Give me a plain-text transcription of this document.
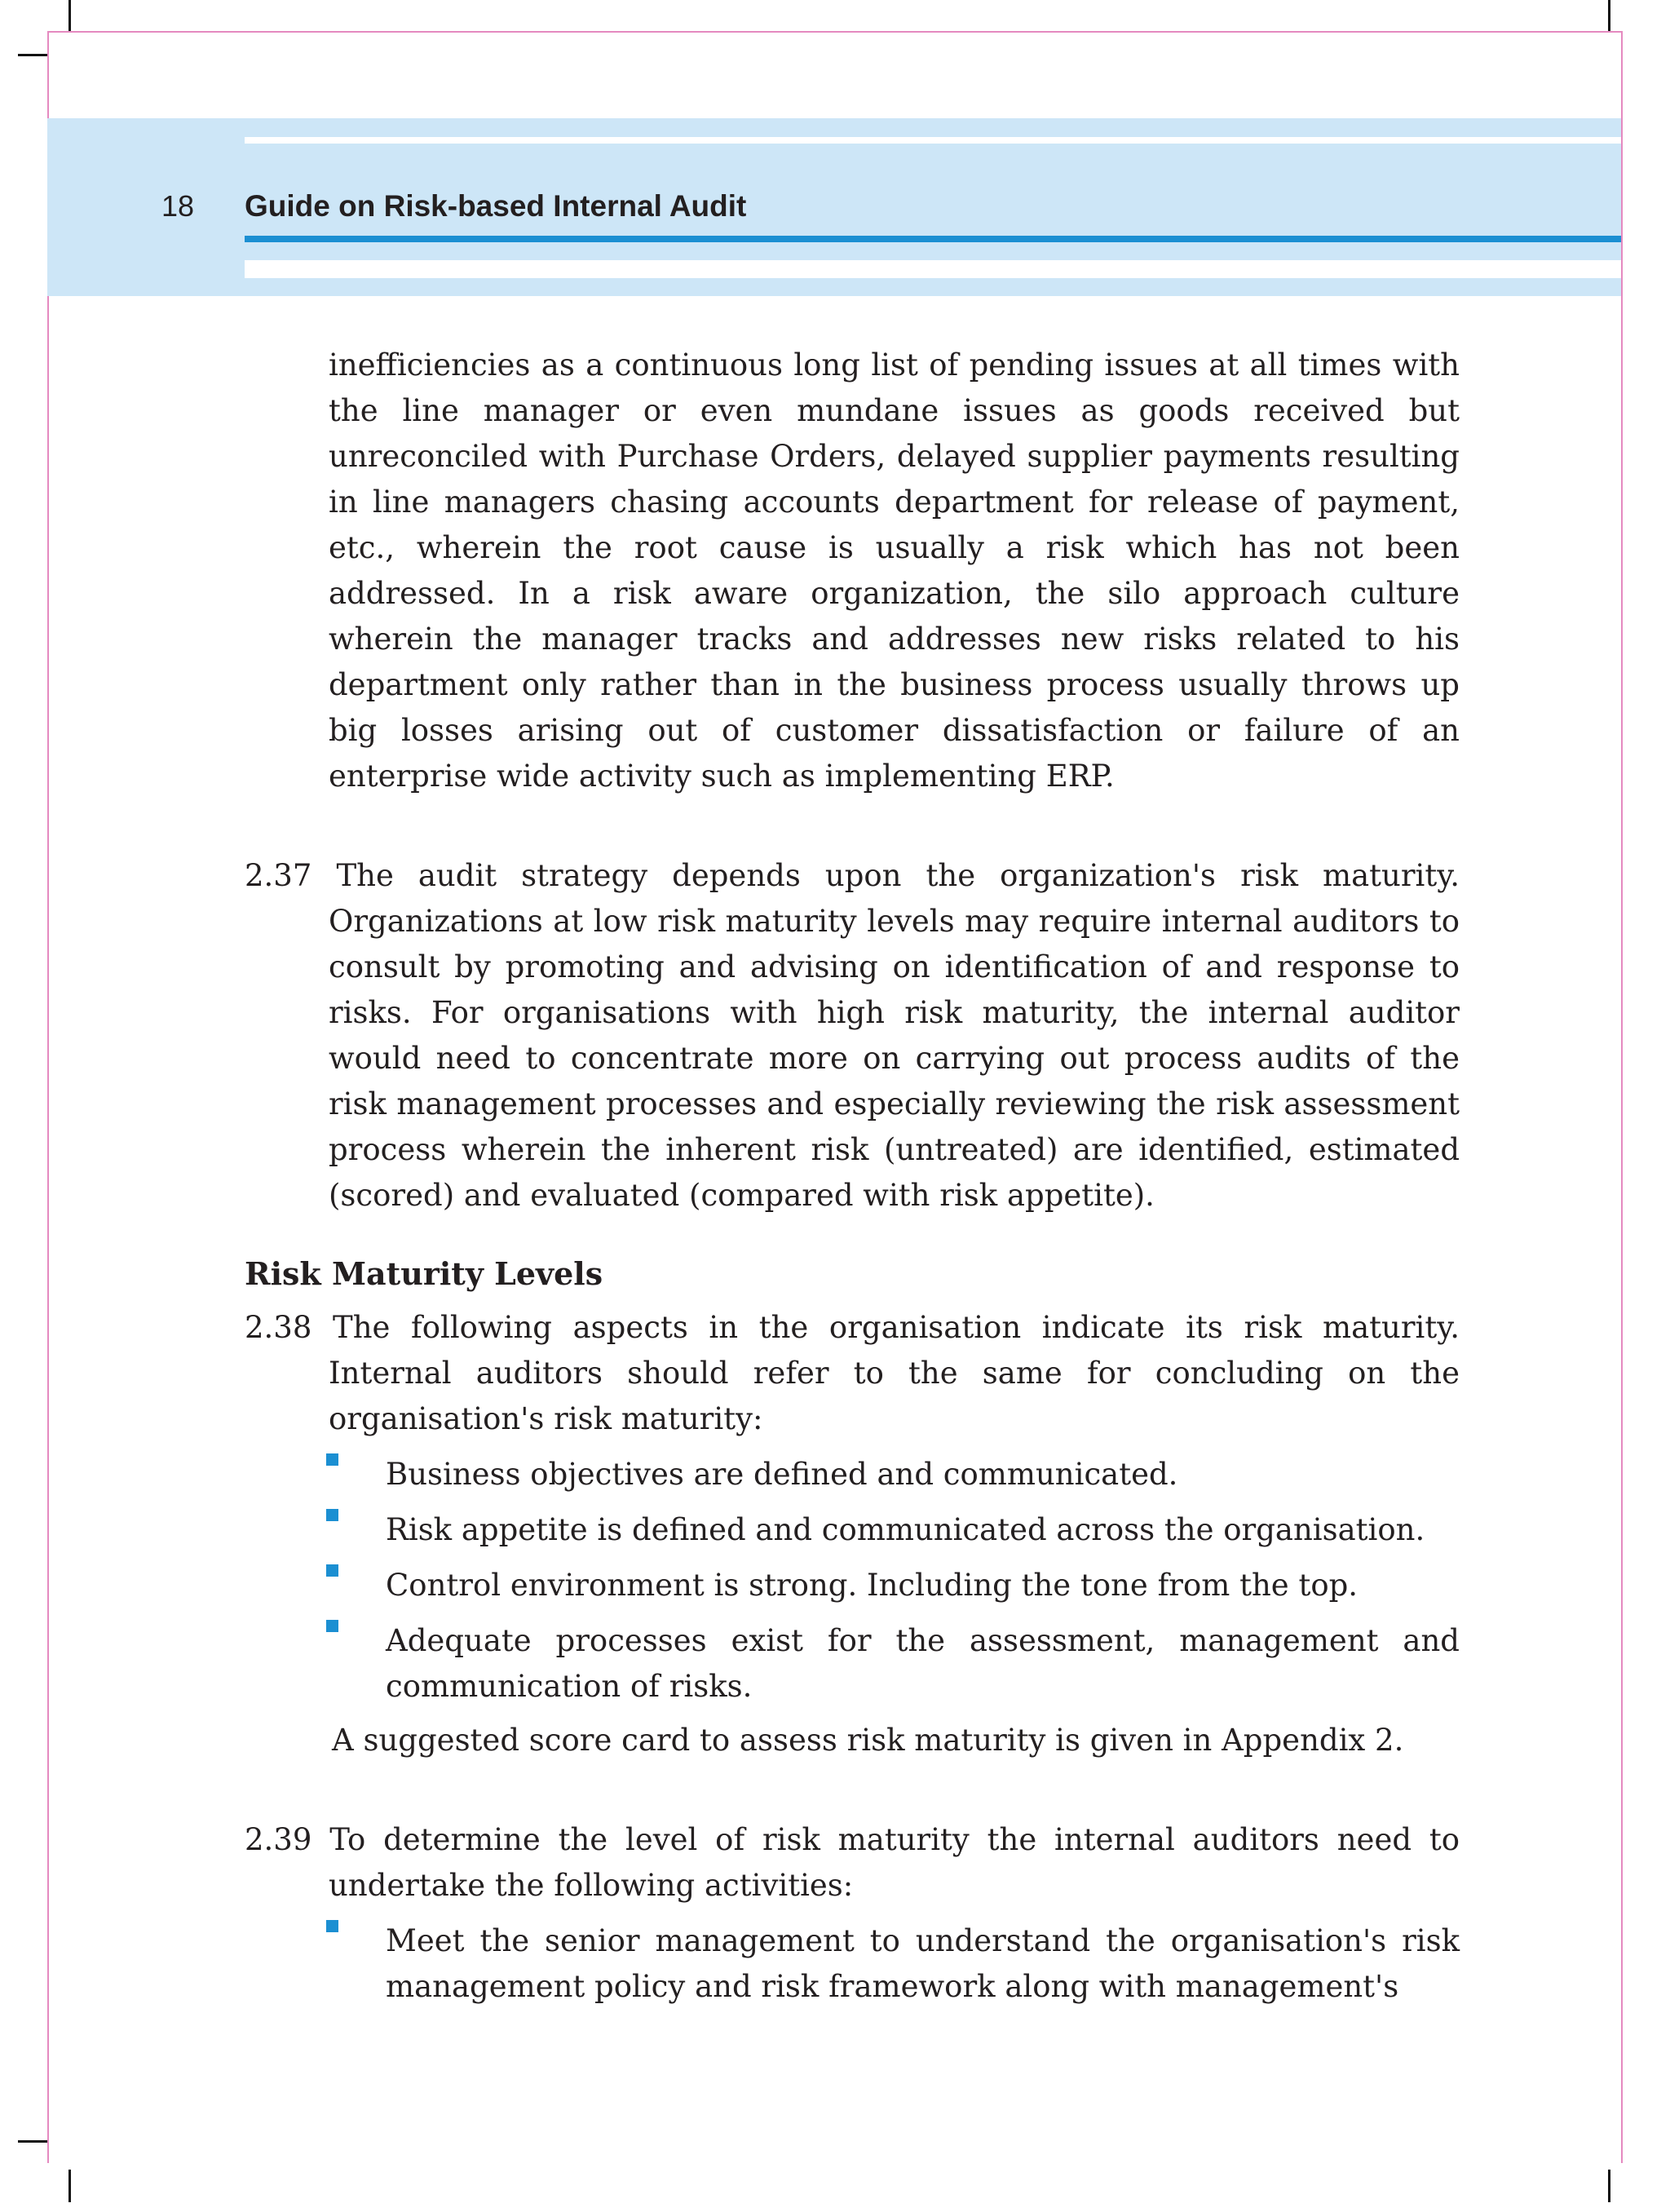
18 Guide on Risk-based Internal Audit

inefficiencies as a continuous long list of pending issues at all times with the line manager or even mundane issues as goods received but unreconciled with Purchase Orders, delayed supplier payments resulting in line managers chasing accounts department for release of payment, etc., wherein the root cause is usually a risk which has not been addressed. In a risk aware organization, the silo approach culture wherein the manager tracks and addresses new risks related to his department only rather than in the business process usually throws up big losses arising out of customer dissatisfaction or failure of an enterprise wide activity such as implementing ERP.

2.37 The audit strategy depends upon the organization's risk maturity. Organizations at low risk maturity levels may require internal auditors to consult by promoting and advising on identification of and response to risks. For organisations with high risk maturity, the internal auditor would need to concentrate more on carrying out process audits of the risk management processes and especially reviewing the risk assessment process wherein the inherent risk (untreated) are identified, estimated (scored) and evaluated (compared with risk appetite).

Risk Maturity Levels

2.38 The following aspects in the organisation indicate its risk maturity. Internal auditors should refer to the same for concluding on the organisation's risk maturity:

Business objectives are defined and communicated.
Risk appetite is defined and communicated across the organisation.
Control environment is strong. Including the tone from the top.
Adequate processes exist for the assessment, management and communication of risks.
A suggested score card to assess risk maturity is given in Appendix 2.

2.39 To determine the level of risk maturity the internal auditors need to undertake the following activities:

Meet the senior management to understand the organisation's risk management policy and risk framework along with management's
